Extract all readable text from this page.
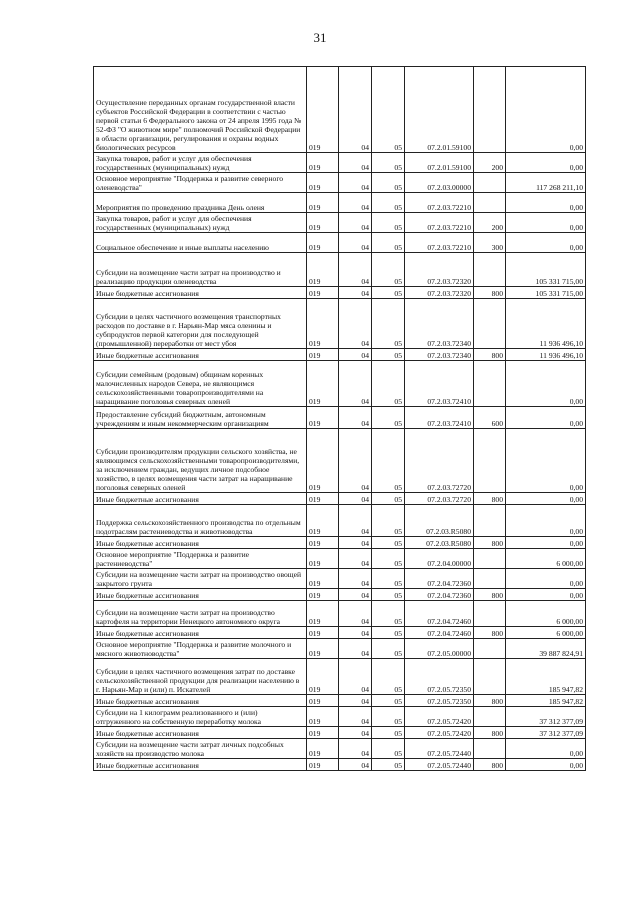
31
Осуществление переданных органам государственной власти субъектов Российской Федерации в соответствии с частью первой статьи 6 Федерального закона от 24 апреля 1995 года № 52-ФЗ "О животном мире" полномочий Российской Федерации в области организации, регулирования и охраны водных биологических ресурсов	019	04	05	07.2.01.59100		0,00
Закупка товаров, работ и услуг для обеспечения государственных (муниципальных) нужд	019	04	05	07.2.01.59100	200	0,00
Основное мероприятие "Поддержка и развитие северного оленеводства"	019	04	05	07.2.03.00000		117 268 211,10
Мероприятия по проведению праздника День оленя	019	04	05	07.2.03.72210		0,00
Закупка товаров, работ и услуг для обеспечения государственных (муниципальных) нужд	019	04	05	07.2.03.72210	200	0,00
Социальное обеспечение и иные выплаты населению	019	04	05	07.2.03.72210	300	0,00
Субсидии на возмещение части затрат на производство и реализацию продукции оленеводства	019	04	05	07.2.03.72320		105 331 715,00
Иные бюджетные ассигнования	019	04	05	07.2.03.72320	800	105 331 715,00
Субсидии в целях частичного возмещения транспортных расходов по доставке в г. Нарьян-Мар мяса оленины и субпродуктов первой категории для последующей (промышленной) переработки от мест убоя	019	04	05	07.2.03.72340		11 936 496,10
Иные бюджетные ассигнования	019	04	05	07.2.03.72340	800	11 936 496,10
Субсидии семейным (родовым) общинам коренных малочисленных народов Севера, не являющимся сельскохозяйственными товаропроизводителями на наращивание поголовья северных оленей	019	04	05	07.2.03.72410		0,00
Предоставление субсидий бюджетным, автономным учреждениям и иным некоммерческим организациям	019	04	05	07.2.03.72410	600	0,00
Субсидии производителям продукции сельского хозяйства, не являющимся сельскохозяйственными товаропроизводителями, за исключением граждан, ведущих личное подсобное хозяйство, в целях возмещения части затрат на наращивание поголовья северных оленей	019	04	05	07.2.03.72720		0,00
Иные бюджетные ассигнования	019	04	05	07.2.03.72720	800	0,00
Поддержка сельскохозяйственного производства по отдельным подотраслям растениеводства и животноводства	019	04	05	07.2.03.R5080		0,00
Иные бюджетные ассигнования	019	04	05	07.2.03.R5080	800	0,00
Основное мероприятие "Поддержка и развитие растениеводства"	019	04	05	07.2.04.00000		6 000,00
Субсидии на возмещение части затрат на производство овощей закрытого грунта	019	04	05	07.2.04.72360		0,00
Иные бюджетные ассигнования	019	04	05	07.2.04.72360	800	0,00
Субсидии на возмещение части затрат на производство картофеля на территории Ненецкого автономного округа	019	04	05	07.2.04.72460		6 000,00
Иные бюджетные ассигнования	019	04	05	07.2.04.72460	800	6 000,00
Основное мероприятие "Поддержка и развитие молочного и мясного животноводства"	019	04	05	07.2.05.00000		39 887 824,91
Субсидии в целях частичного возмещения затрат по доставке сельскохозяйственной продукции для реализации населению в г. Нарьян-Мар и (или) п. Искателей	019	04	05	07.2.05.72350		185 947,82
Иные бюджетные ассигнования	019	04	05	07.2.05.72350	800	185 947,82
Субсидии на 1 килограмм реализованного и (или) отгруженного на собственную переработку молока	019	04	05	07.2.05.72420		37 312 377,09
Иные бюджетные ассигнования	019	04	05	07.2.05.72420	800	37 312 377,09
Субсидии на возмещение части затрат личных подсобных хозяйств на производство молока	019	04	05	07.2.05.72440		0,00
Иные бюджетные ассигнования	019	04	05	07.2.05.72440	800	0,00
